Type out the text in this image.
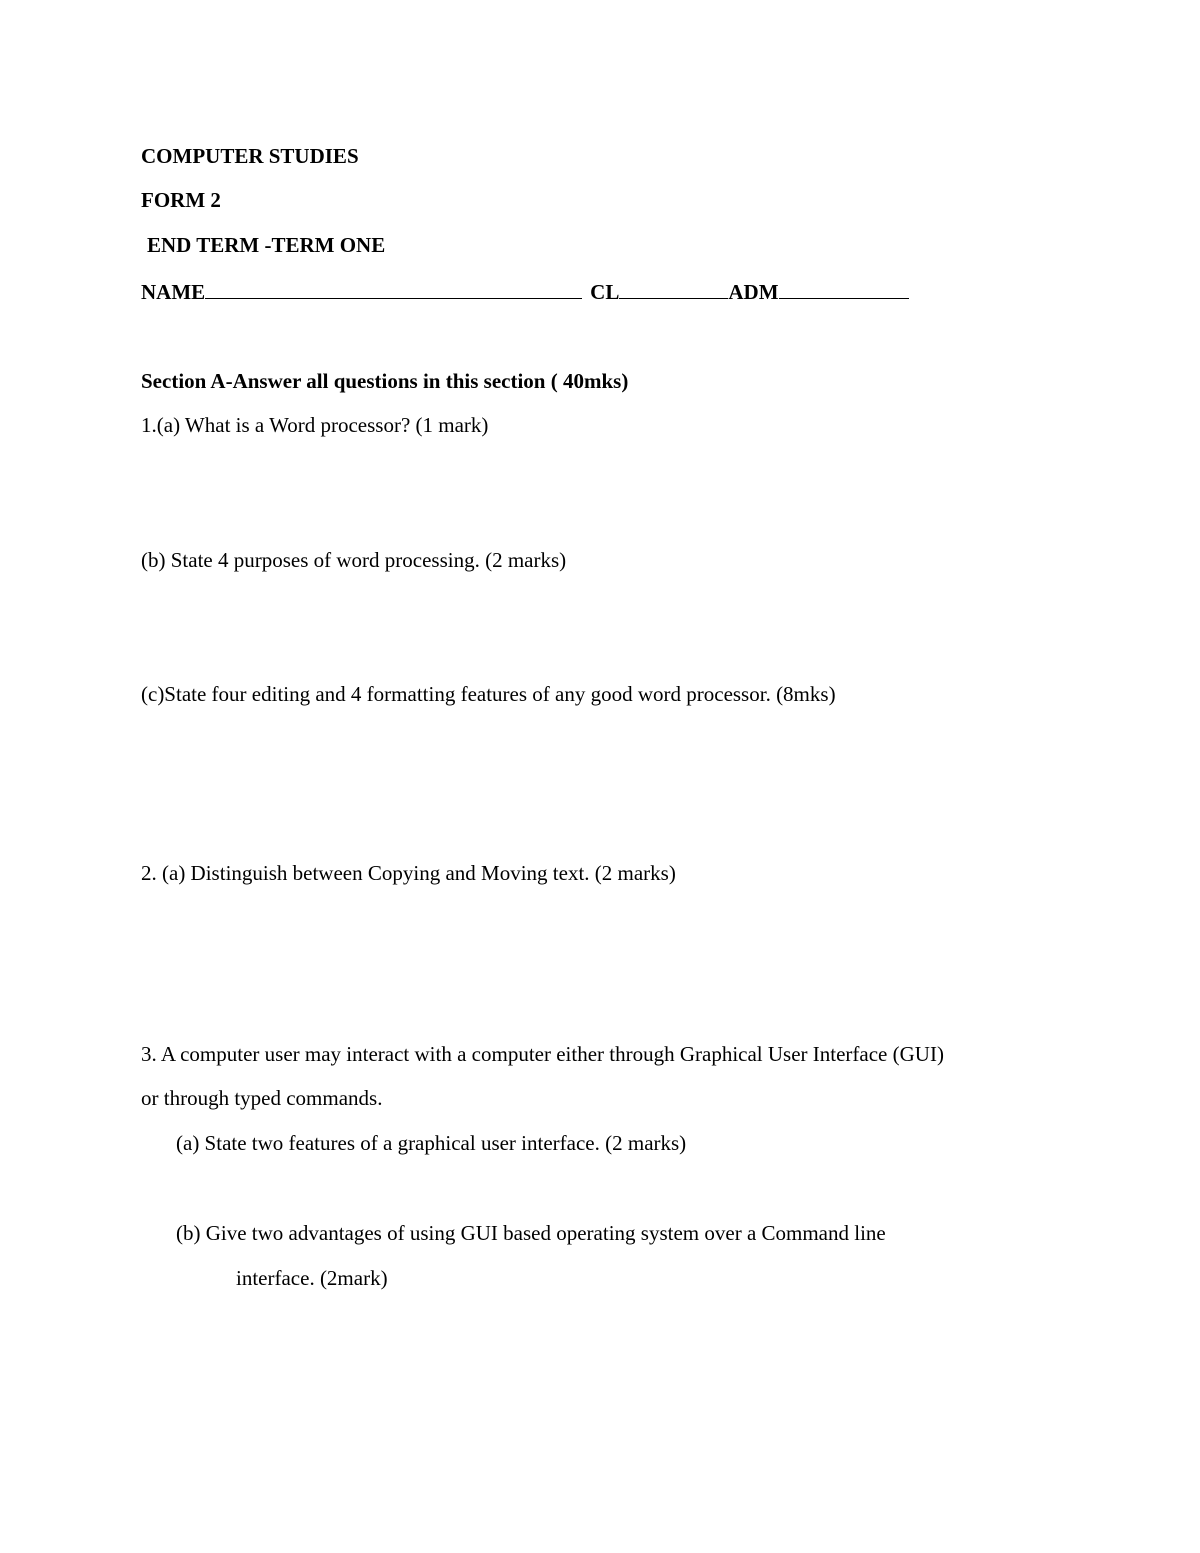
COMPUTER STUDIES
FORM 2
END TERM -TERM ONE
NAME	CL	ADM
Section A-Answer all questions in this section ( 40mks)
1.(a) What is a Word processor? (1 mark)
(b) State 4 purposes of word processing. (2 marks)
(c)State four editing and 4 formatting features of any good word processor. (8mks)
2. (a) Distinguish between Copying and Moving text. (2 marks)
3. A computer user may interact with a computer either through Graphical User Interface (GUI)
or through typed commands.
(a) State two features of a graphical user interface. (2 marks)
(b) Give two advantages of using GUI based operating system over a Command line
interface. (2mark)
